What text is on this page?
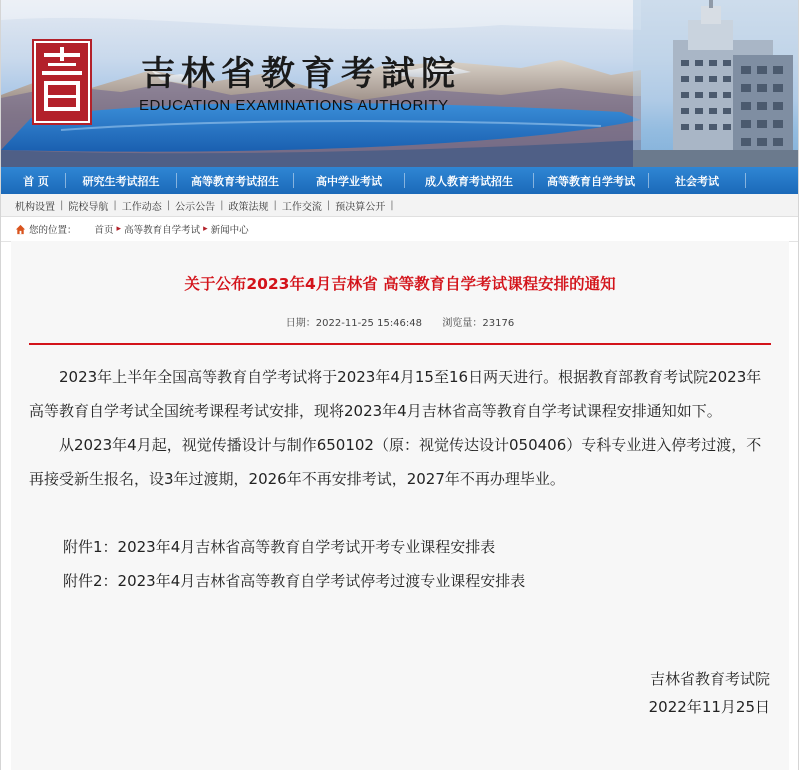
吉林省教育考試院
EDUCATION EXAMINATIONS AUTHORITY
首 页	研究生考试招生	高等教育考试招生	高中学业考试	成人教育考试招生	高等教育自学考试	社会考试
机构设置 | 院校导航 | 工作动态 | 公示公告 | 政策法规 | 工作交流 | 预决算公开 |
您的位置： 首页 ▸ 高等教育自学考试 ▸ 新闻中心
关于公布2023年4月吉林省 高等教育自学考试课程安排的通知
日期：2022-11-25 15:46:48 浏览量：23176

2023年上半年全国高等教育自学考试将于2023年4月15至16日两天进行。根据教育部教育考试院2023年高等教育自学考试全国统考课程考试安排，现将2023年4月吉林省高等教育自学考试课程安排通知如下。

从2023年4月起，视觉传播设计与制作650102（原：视觉传达设计050406）专科专业进入停考过渡，不再接受新生报名，设3年过渡期，2026年不再安排考试，2027年不再办理毕业。

附件1：2023年4月吉林省高等教育自学考试开考专业课程安排表

附件2：2023年4月吉林省高等教育自学考试停考过渡专业课程安排表

吉林省教育考试院
2022年11月25日
